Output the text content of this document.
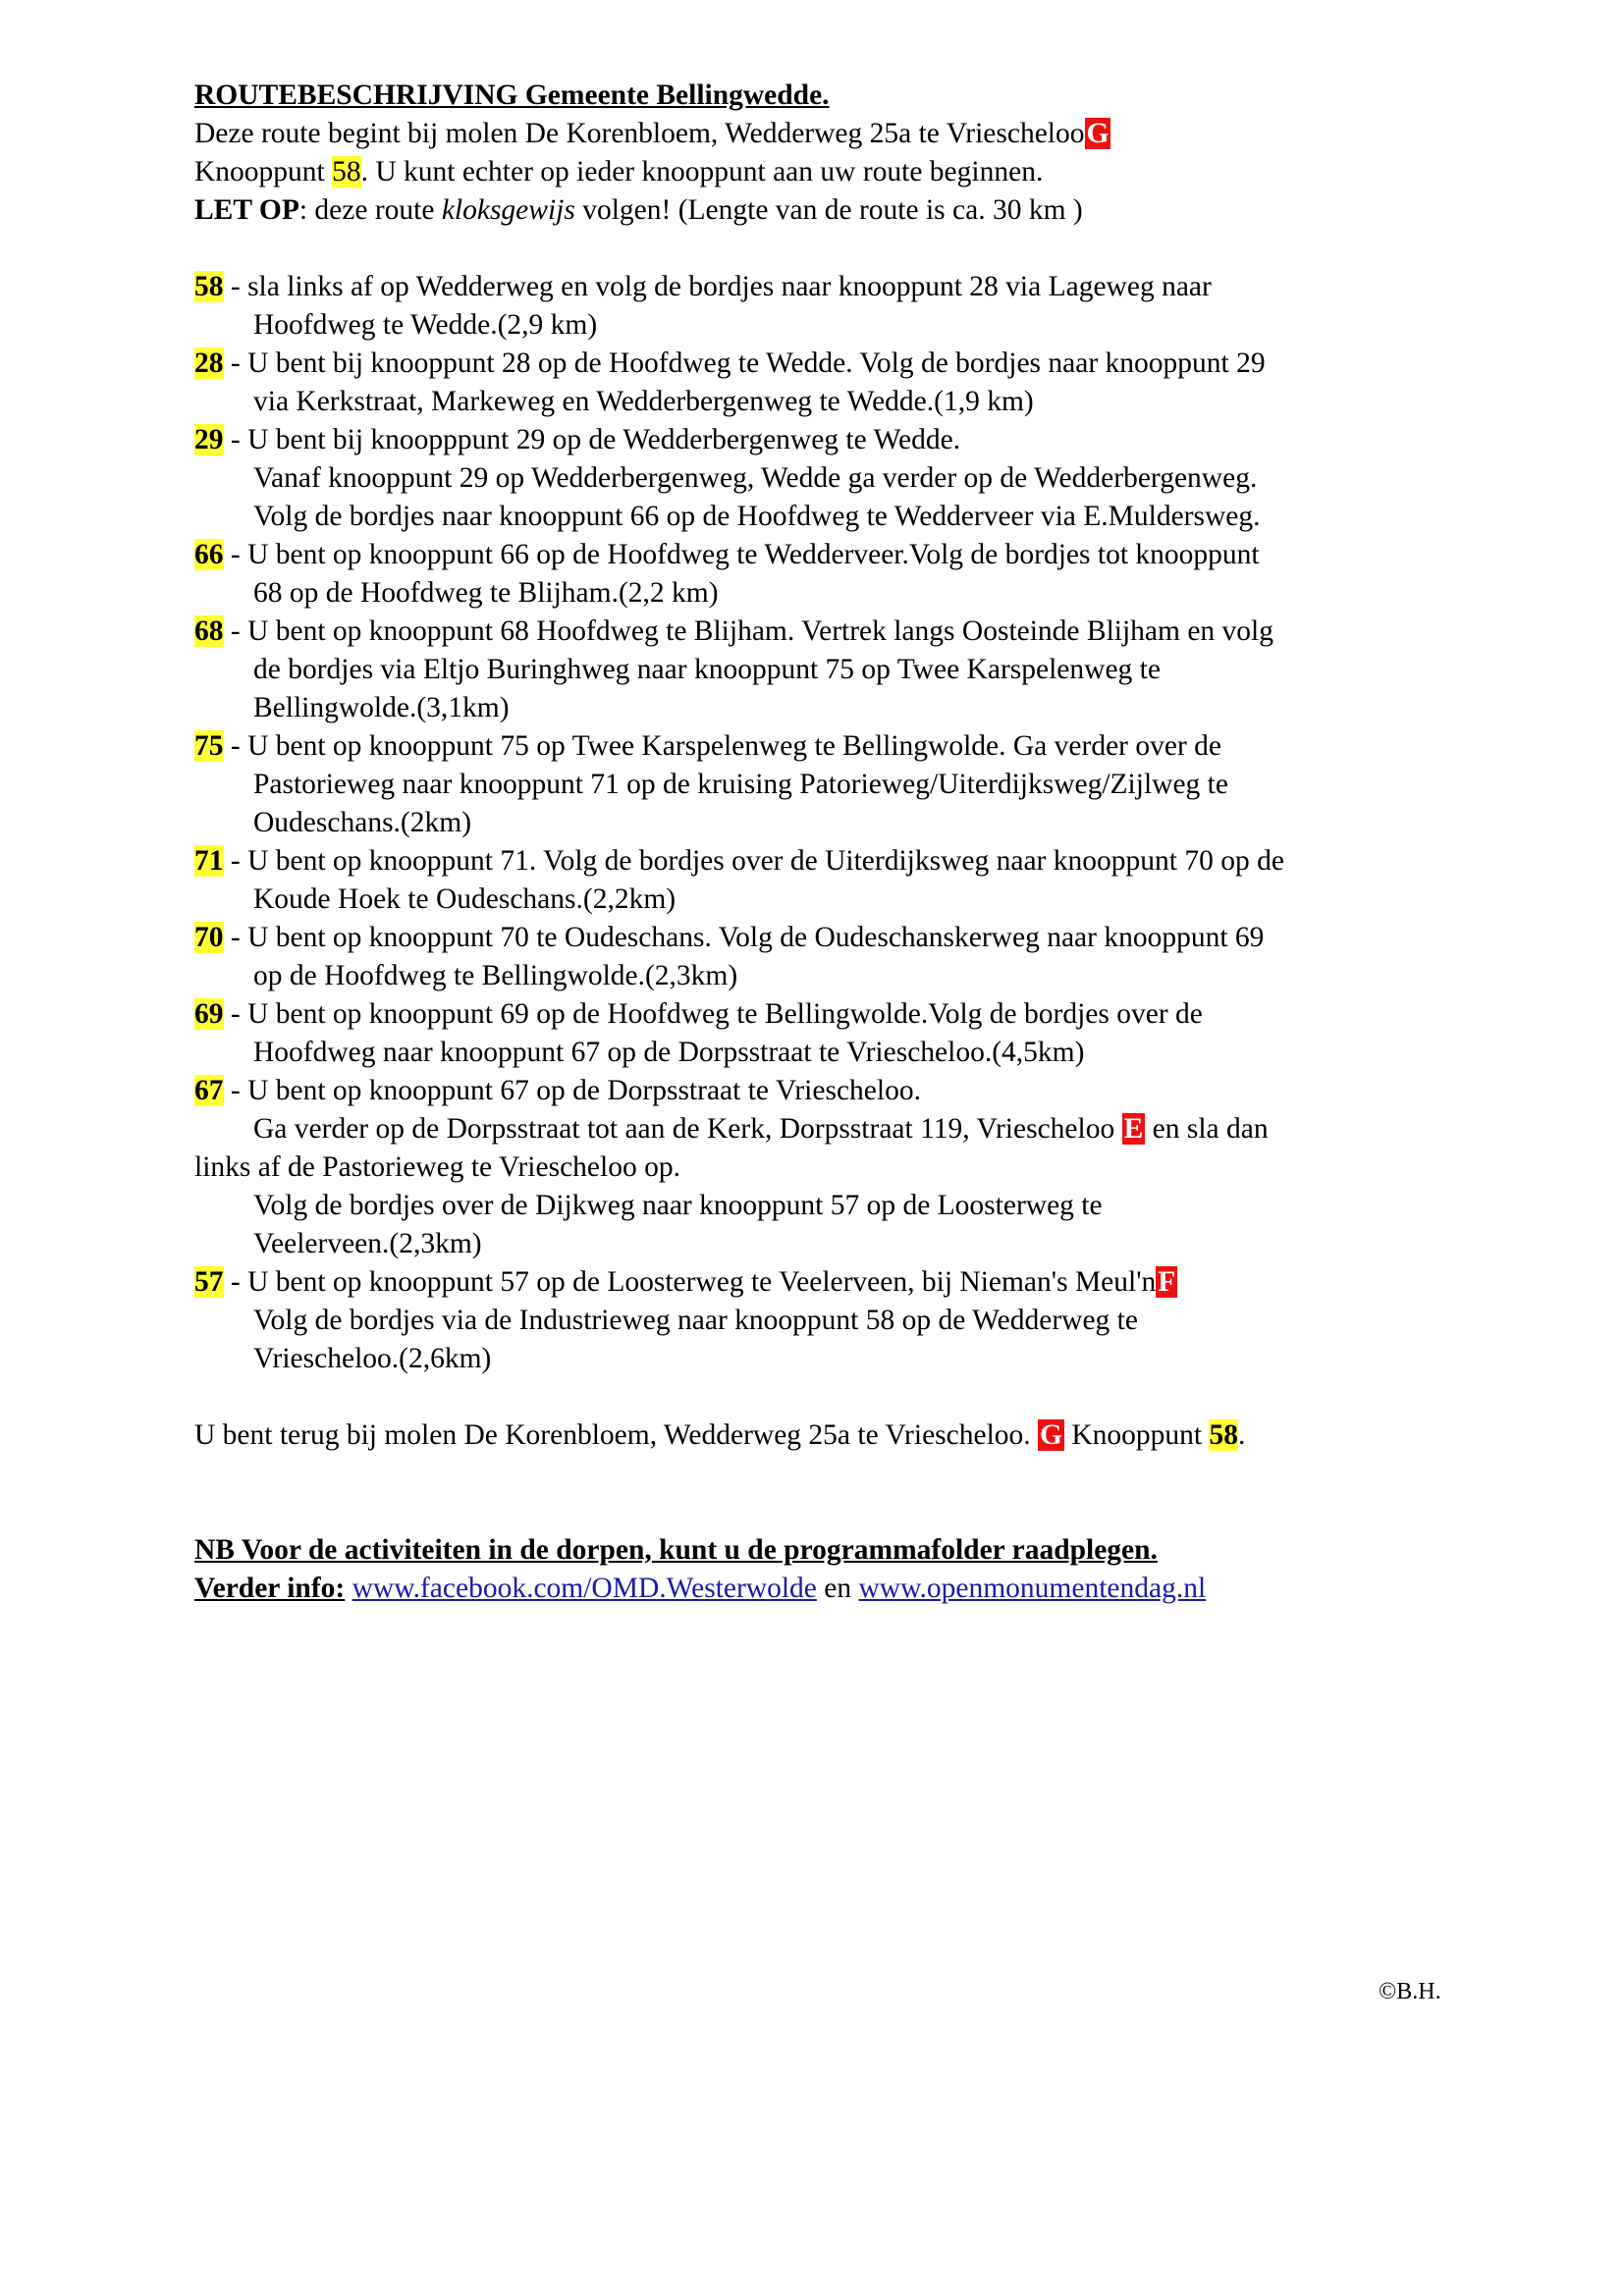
ROUTEBESCHRIJVING Gemeente Bellingwedde.
Deze route begint bij molen De Korenbloem, Wedderweg 25a te VrieschelooG
Knooppunt 58. U kunt echter op ieder knooppunt aan uw route beginnen.
LET OP: deze route kloksgewijs volgen! (Lengte van de route is ca. 30 km )
58 - sla links af op Wedderweg en volg de bordjes naar knooppunt 28 via Lageweg naar
Hoofdweg te Wedde.(2,9 km)
28 - U bent bij knooppunt 28 op de Hoofdweg te Wedde. Volg de bordjes naar knooppunt 29
via Kerkstraat, Markeweg en Wedderbergenweg te Wedde.(1,9 km)
29 - U bent bij knoopppunt 29 op de Wedderbergenweg te Wedde.
Vanaf knooppunt 29 op Wedderbergenweg, Wedde ga verder op de Wedderbergenweg.
Volg de bordjes naar knooppunt 66 op de Hoofdweg te Wedderveer via E.Muldersweg.
66 - U bent op knooppunt 66 op de Hoofdweg te Wedderveer.Volg de bordjes tot knooppunt
68 op de Hoofdweg te Blijham.(2,2 km)
68 - U bent op knooppunt 68 Hoofdweg te Blijham. Vertrek langs Oosteinde Blijham en volg
de bordjes via Eltjo Buringhweg naar knooppunt 75 op Twee Karspelenweg te
Bellingwolde.(3,1km)
75 - U bent op knooppunt 75 op Twee Karspelenweg te Bellingwolde. Ga verder over de
Pastorieweg naar knooppunt 71 op de kruising Patorieweg/Uiterdijksweg/Zijlweg te
Oudeschans.(2km)
71 - U bent op knooppunt 71. Volg de bordjes over de Uiterdijksweg naar knooppunt 70 op de
Koude Hoek te Oudeschans.(2,2km)
70 - U bent op knooppunt 70 te Oudeschans. Volg de Oudeschanskerweg naar knooppunt 69
op de Hoofdweg te Bellingwolde.(2,3km)
69 - U bent op knooppunt 69 op de Hoofdweg te Bellingwolde.Volg de bordjes over de
Hoofdweg naar knooppunt 67 op de Dorpsstraat te Vriescheloo.(4,5km)
67 - U bent op knooppunt 67 op de Dorpsstraat te Vriescheloo.
Ga verder op de Dorpsstraat tot aan de Kerk, Dorpsstraat 119, Vriescheloo E en sla dan
links af de Pastorieweg te Vriescheloo op.
Volg de bordjes over de Dijkweg naar knooppunt 57 op de Loosterweg te
Veelerveen.(2,3km)
57 - U bent op knooppunt 57 op de Loosterweg te Veelerveen, bij Nieman's Meul'nF
Volg de bordjes via de Industrieweg naar knooppunt 58 op de Wedderweg te
Vriescheloo.(2,6km)
U bent terug bij molen De Korenbloem, Wedderweg 25a te Vriescheloo. G Knooppunt 58.
NB Voor de activiteiten in de dorpen, kunt u de programmafolder raadplegen.
Verder info: www.facebook.com/OMD.Westerwolde en www.openmonumentendag.nl
©B.H.
